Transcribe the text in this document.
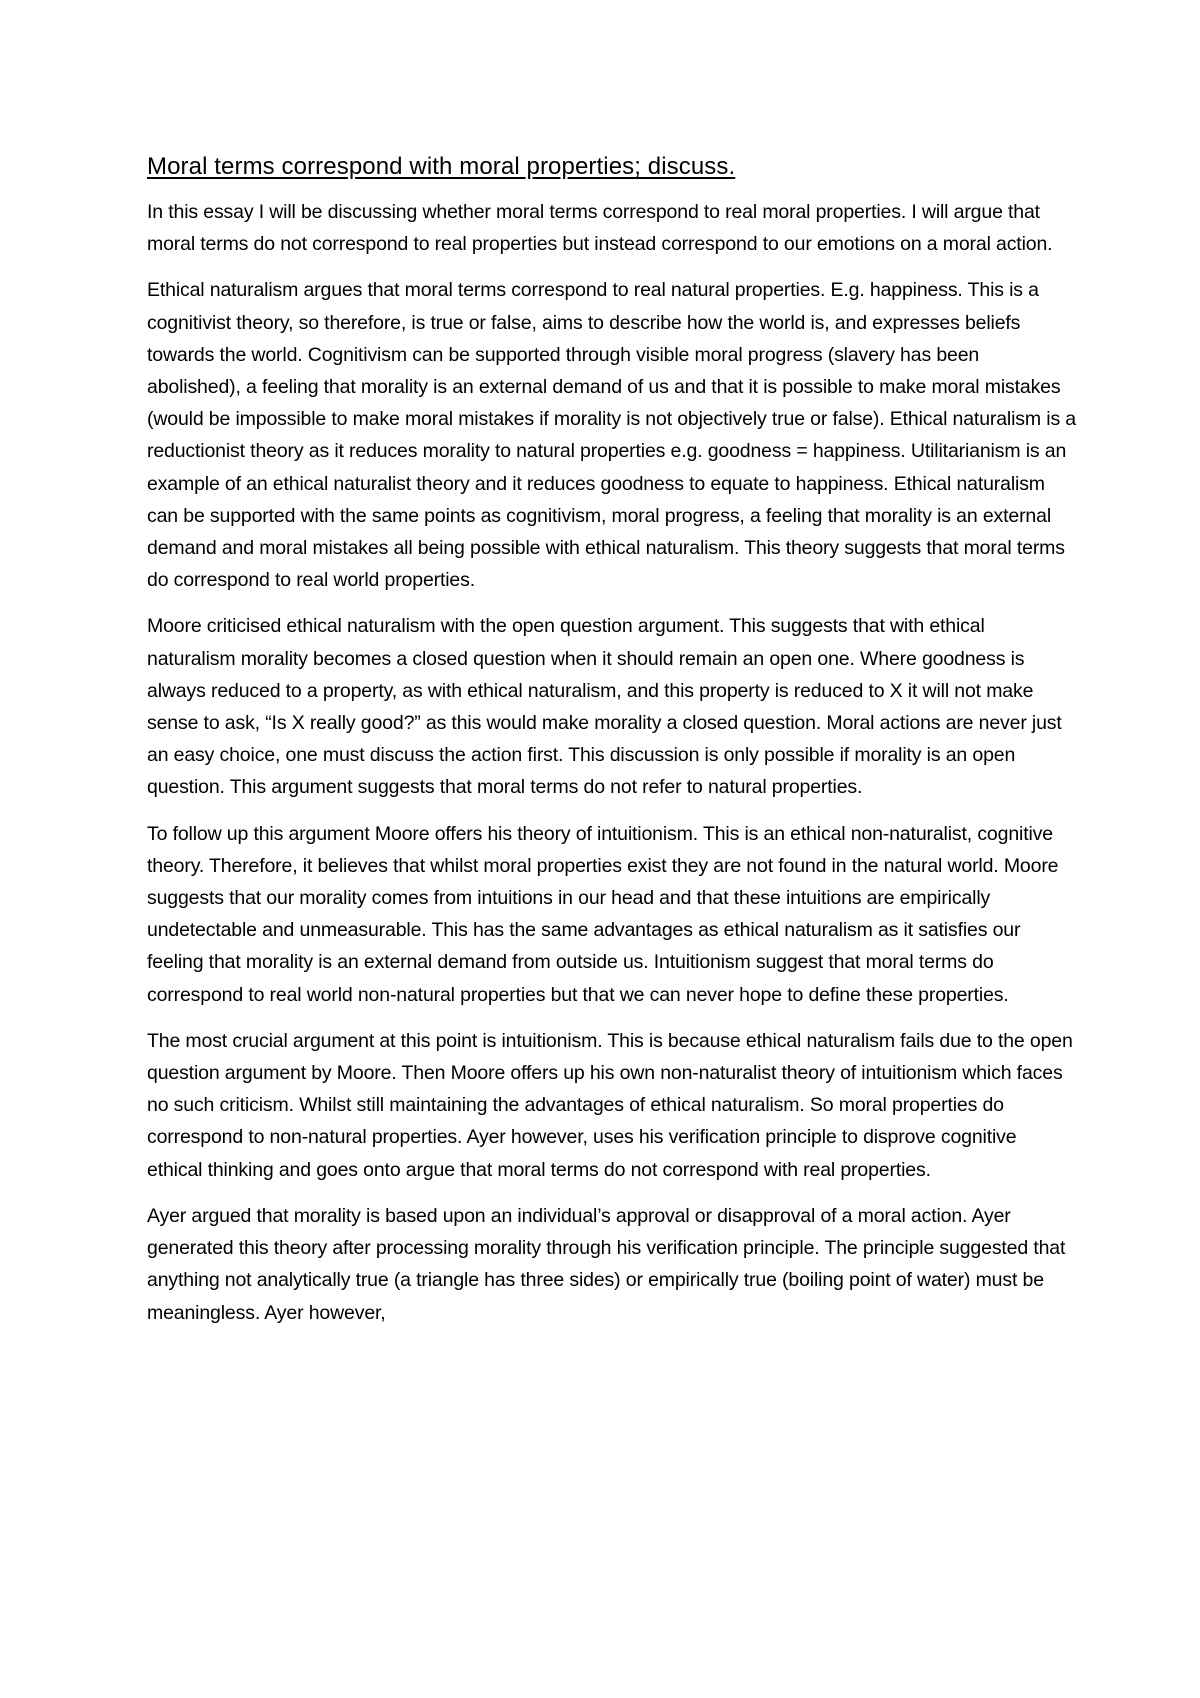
Moral terms correspond with moral properties; discuss.

In this essay I will be discussing whether moral terms correspond to real moral properties. I will argue that moral terms do not correspond to real properties but instead correspond to our emotions on a moral action.

Ethical naturalism argues that moral terms correspond to real natural properties. E.g. happiness. This is a cognitivist theory, so therefore, is true or false, aims to describe how the world is, and expresses beliefs towards the world. Cognitivism can be supported through visible moral progress (slavery has been abolished), a feeling that morality is an external demand of us and that it is possible to make moral mistakes (would be impossible to make moral mistakes if morality is not objectively true or false). Ethical naturalism is a reductionist theory as it reduces morality to natural properties e.g. goodness = happiness. Utilitarianism is an example of an ethical naturalist theory and it reduces goodness to equate to happiness. Ethical naturalism can be supported with the same points as cognitivism, moral progress, a feeling that morality is an external demand and moral mistakes all being possible with ethical naturalism. This theory suggests that moral terms do correspond to real world properties.

Moore criticised ethical naturalism with the open question argument. This suggests that with ethical naturalism morality becomes a closed question when it should remain an open one. Where goodness is always reduced to a property, as with ethical naturalism, and this property is reduced to X it will not make sense to ask, “Is X really good?” as this would make morality a closed question. Moral actions are never just an easy choice, one must discuss the action first. This discussion is only possible if morality is an open question. This argument suggests that moral terms do not refer to natural properties.

To follow up this argument Moore offers his theory of intuitionism. This is an ethical non-naturalist, cognitive theory. Therefore, it believes that whilst moral properties exist they are not found in the natural world. Moore suggests that our morality comes from intuitions in our head and that these intuitions are empirically undetectable and unmeasurable. This has the same advantages as ethical naturalism as it satisfies our feeling that morality is an external demand from outside us. Intuitionism suggest that moral terms do correspond to real world non-natural properties but that we can never hope to define these properties.

The most crucial argument at this point is intuitionism. This is because ethical naturalism fails due to the open question argument by Moore. Then Moore offers up his own non-naturalist theory of intuitionism which faces no such criticism. Whilst still maintaining the advantages of ethical naturalism. So moral properties do correspond to non-natural properties. Ayer however, uses his verification principle to disprove cognitive ethical thinking and goes onto argue that moral terms do not correspond with real properties.

Ayer argued that morality is based upon an individual’s approval or disapproval of a moral action. Ayer generated this theory after processing morality through his verification principle. The principle suggested that anything not analytically true (a triangle has three sides) or empirically true (boiling point of water) must be meaningless. Ayer however,
